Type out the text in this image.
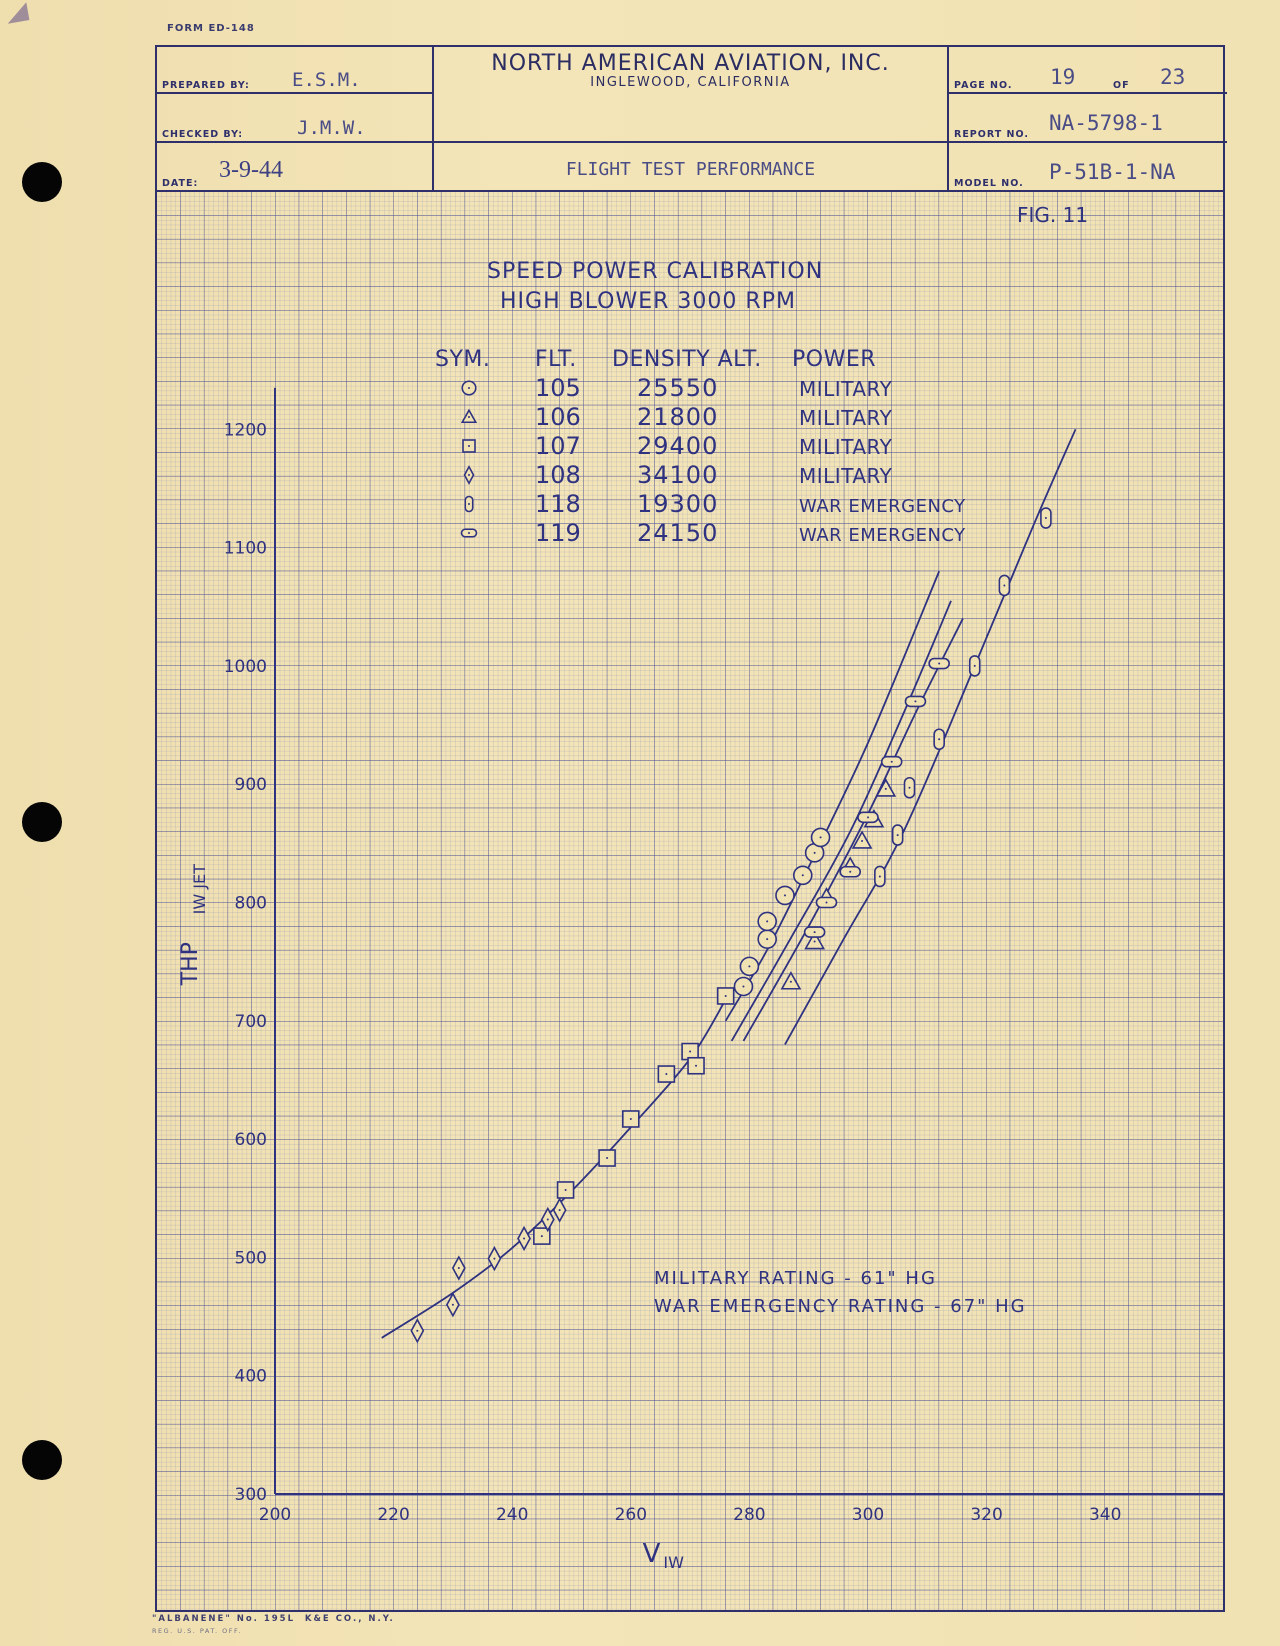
FORM ED-148
PREPARED BY: E.S.M.
CHECKED BY:	J.M.W.
DATE:
3-9-44
NORTH AMERICAN AVIATION, INC.
INGLEWOOD, CALIFORNIA
FLIGHT TEST PERFORMANCE
PAGE NO. 19	OF 23
REPORT NO. NA-5798-1
MODEL NO. P-51B-1-NA
300
400
500
600
700
800
900
1000
1100
1200
200	220	240	260	280	300	320	340
THP
IW JET
V IW
FIG. 11
SPEED POWER CALIBRATION
HIGH BLOWER 3000 RPM
SYM. FLT. DENSITY ALT. POWER
105 25550	MILITARY
106 21800	MILITARY
107 29400	MILITARY
108 34100	MILITARY
118 19300	WAR EMERGENCY
119 24150	WAR EMERGENCY
MILITARY RATING - 61" HG
WAR EMERGENCY RATING - 67" HG
"ALBANENE" No. 195L  K&E CO., N.Y.
REG. U.S. PAT. OFF.
